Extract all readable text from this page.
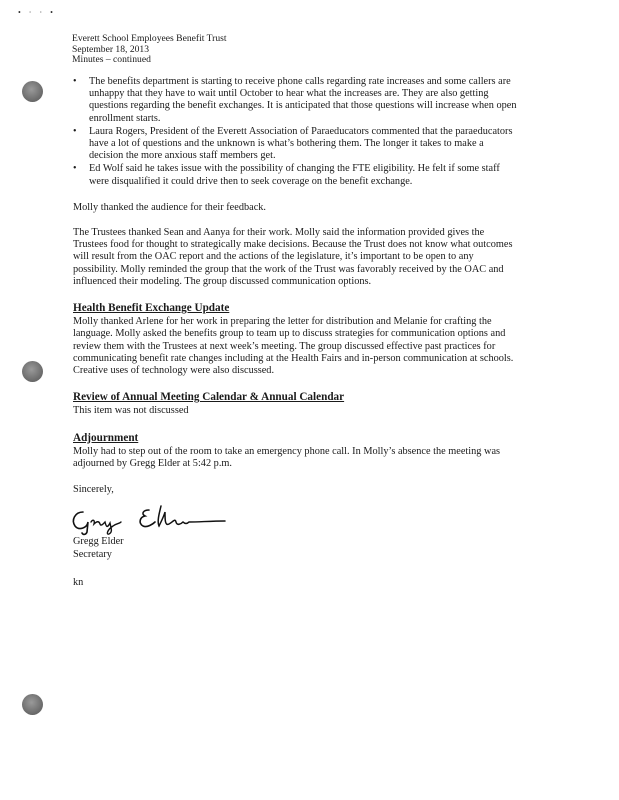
• · · •
Everett School Employees Benefit Trust
September 18, 2013
Minutes – continued
• The benefits department is starting to receive phone calls regarding rate increases and some callers are unhappy that they have to wait until October to hear what the increases are. They are also getting questions regarding the benefit exchanges. It is anticipated that those questions will increase when open enrollment starts.
• Laura Rogers, President of the Everett Association of Paraeducators commented that the paraeducators have a lot of questions and the unknown is what’s bothering them. The longer it takes to make a decision the more anxious staff members get.
• Ed Wolf said he takes issue with the possibility of changing the FTE eligibility. He felt if some staff were disqualified it could drive then to seek coverage on the benefit exchange.

Molly thanked the audience for their feedback.

The Trustees thanked Sean and Aanya for their work. Molly said the information provided gives the Trustees food for thought to strategically make decisions. Because the Trust does not know what outcomes will result from the OAC report and the actions of the legislature, it’s important to be open to any possibility. Molly reminded the group that the work of the Trust was favorably received by the OAC and influenced their modeling. The group discussed communication options.

Health Benefit Exchange Update

Molly thanked Arlene for her work in preparing the letter for distribution and Melanie for crafting the language. Molly asked the benefits group to team up to discuss strategies for communication options and review them with the Trustees at next week’s meeting. The group discussed effective past practices for communicating benefit rate changes including at the Health Fairs and in-person communication at schools. Creative uses of technology were also discussed.

Review of Annual Meeting Calendar & Annual Calendar

This item was not discussed

Adjournment

Molly had to step out of the room to take an emergency phone call. In Molly’s absence the meeting was adjourned by Gregg Elder at 5:42 p.m.

Sincerely,

Gregg Elder

Secretary

kn
